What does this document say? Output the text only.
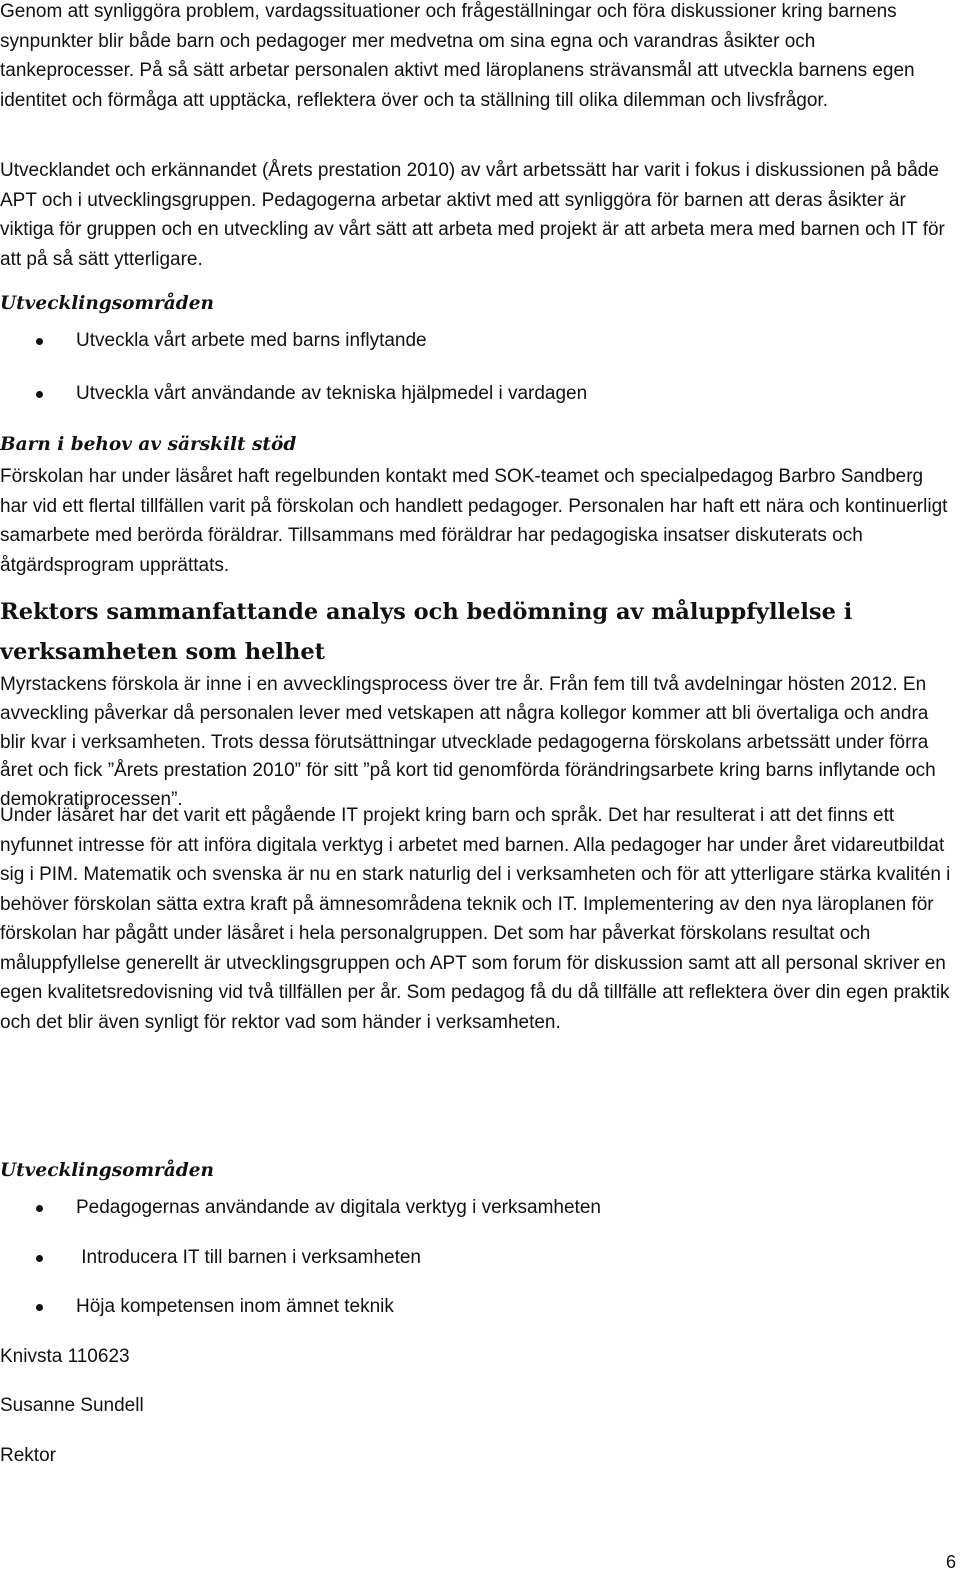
Genom att synliggöra problem, vardagssituationer och frågeställningar och föra diskussioner kring barnens synpunkter blir både barn och pedagoger mer medvetna om sina egna och varandras åsikter och tankeprocesser. På så sätt arbetar personalen aktivt med läroplanens strävansmål att utveckla barnens egen identitet och förmåga att upptäcka, reflektera över och ta ställning till olika dilemman och livsfrågor.

Utvecklandet och erkännandet (Årets prestation 2010) av vårt arbetssätt har varit i fokus i diskussionen på både APT och i utvecklingsgruppen. Pedagogerna arbetar aktivt med att synliggöra för barnen att deras åsikter är viktiga för gruppen och en utveckling av vårt sätt att arbeta med projekt är att arbeta mera med barnen och IT för att på så sätt ytterligare.

Utvecklingsområden
Utveckla vårt arbete med barns inflytande
Utveckla vårt användande av tekniska hjälpmedel i vardagen
Barn i behov av särskilt stöd

Förskolan har under läsåret haft regelbunden kontakt med SOK-teamet och specialpedagog Barbro Sandberg har vid ett flertal tillfällen varit på förskolan och handlett pedagoger. Personalen har haft ett nära och kontinuerligt samarbete med berörda föräldrar. Tillsammans med föräldrar har pedagogiska insatser diskuterats och åtgärdsprogram upprättats.

Rektors sammanfattande analys och bedömning av måluppfyllelse i verksamheten som helhet

Myrstackens förskola är inne i en avvecklingsprocess över tre år. Från fem till två avdelningar hösten 2012. En avveckling påverkar då personalen lever med vetskapen att några kollegor kommer att bli övertaliga och andra blir kvar i verksamheten. Trots dessa förutsättningar utvecklade pedagogerna förskolans arbetssätt under förra året och fick ”Årets prestation 2010” för sitt ”på kort tid genomförda förändringsarbete kring barns inflytande och demokratiprocessen”.

Under läsåret har det varit ett pågående IT projekt kring barn och språk. Det har resulterat i att det finns ett nyfunnet intresse för att införa digitala verktyg i arbetet med barnen. Alla pedagoger har under året vidareutbildat sig i PIM. Matematik och svenska är nu en stark naturlig del i verksamheten och för att ytterligare stärka kvalitén i behöver förskolan sätta extra kraft på ämnesområdena teknik och IT. Implementering av den nya läroplanen för förskolan har pågått under läsåret i hela personalgruppen. Det som har påverkat förskolans resultat och måluppfyllelse generellt är utvecklingsgruppen och APT som forum för diskussion samt att all personal skriver en egen kvalitetsredovisning vid två tillfällen per år. Som pedagog få du då tillfälle att reflektera över din egen praktik och det blir även synligt för rektor vad som händer i verksamheten.

Utvecklingsområden
Pedagogernas användande av digitala verktyg i verksamheten
Introducera IT till barnen i verksamheten
Höja kompetensen inom ämnet teknik

Knivsta 110623

Susanne Sundell

Rektor

6
